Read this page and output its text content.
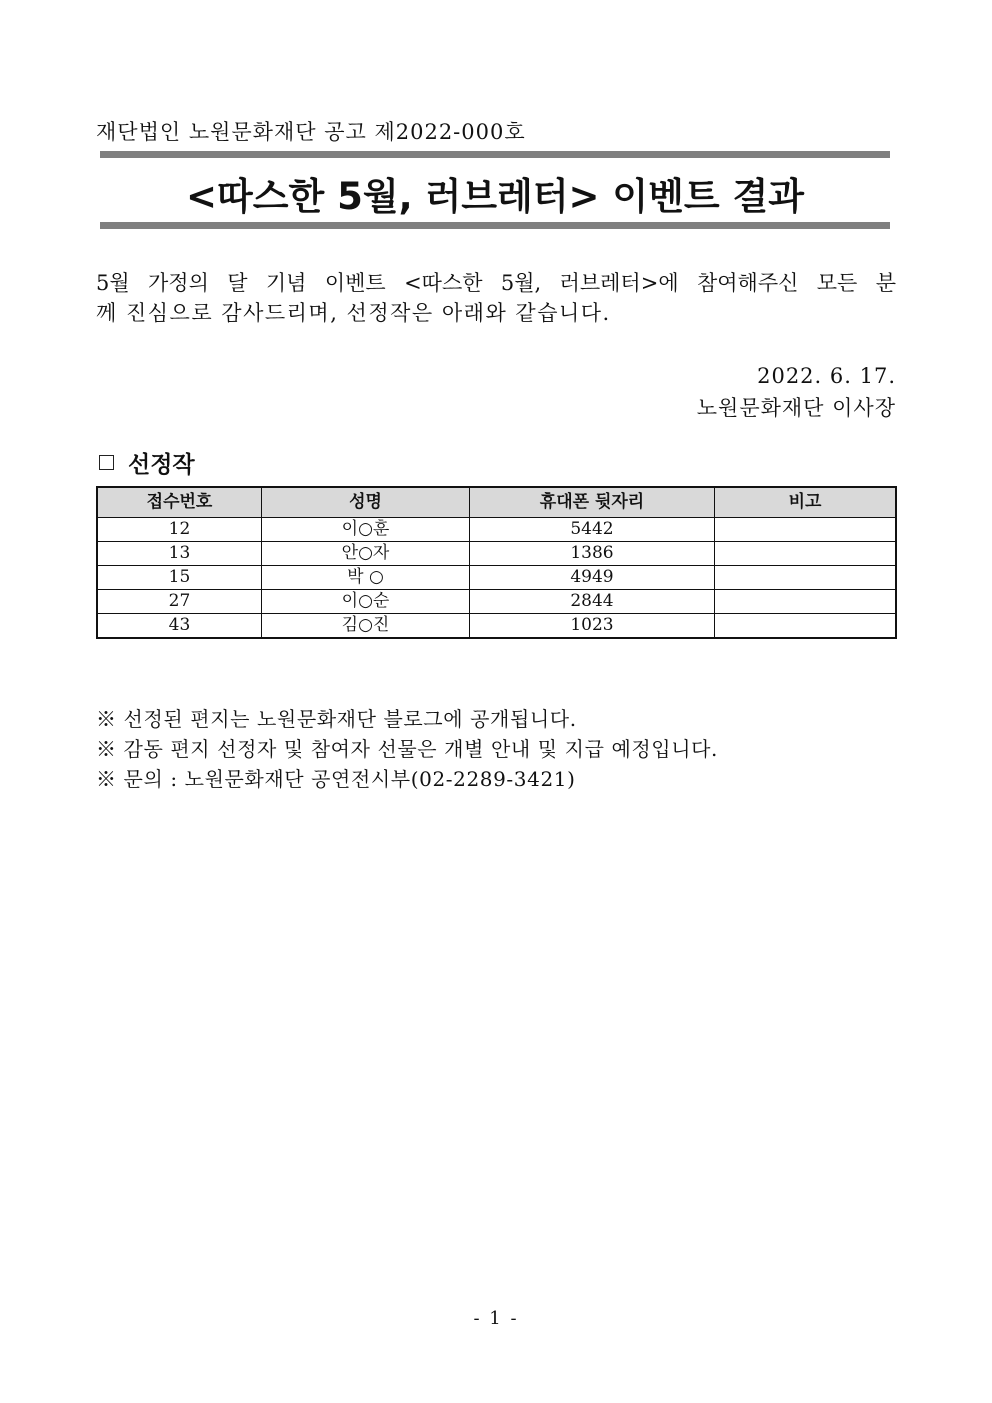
재단법인 노원문화재단 공고 제2022-000호
<따스한 5월, 러브레터> 이벤트 결과
5월 가정의 달 기념 이벤트 <따스한 5월, 러브레터>에 참여해주신 모든 분
께 진심으로 감사드리며, 선정작은 아래와 같습니다.
2022. 6. 17.
노원문화재단 이사장
선정작
접수번호	성명	휴대폰 뒷자리	비고
12	이○훈	5442	
13	안○자	1386	
15	박 ○	4949	
27	이○순	2844	
43	김○진	1023	
※ 선정된 편지는 노원문화재단 블로그에 공개됩니다.
※ 감동 편지 선정자 및 참여자 선물은 개별 안내 및 지급 예정입니다.
※ 문의 : 노원문화재단 공연전시부(02-2289-3421)
- 1 -
